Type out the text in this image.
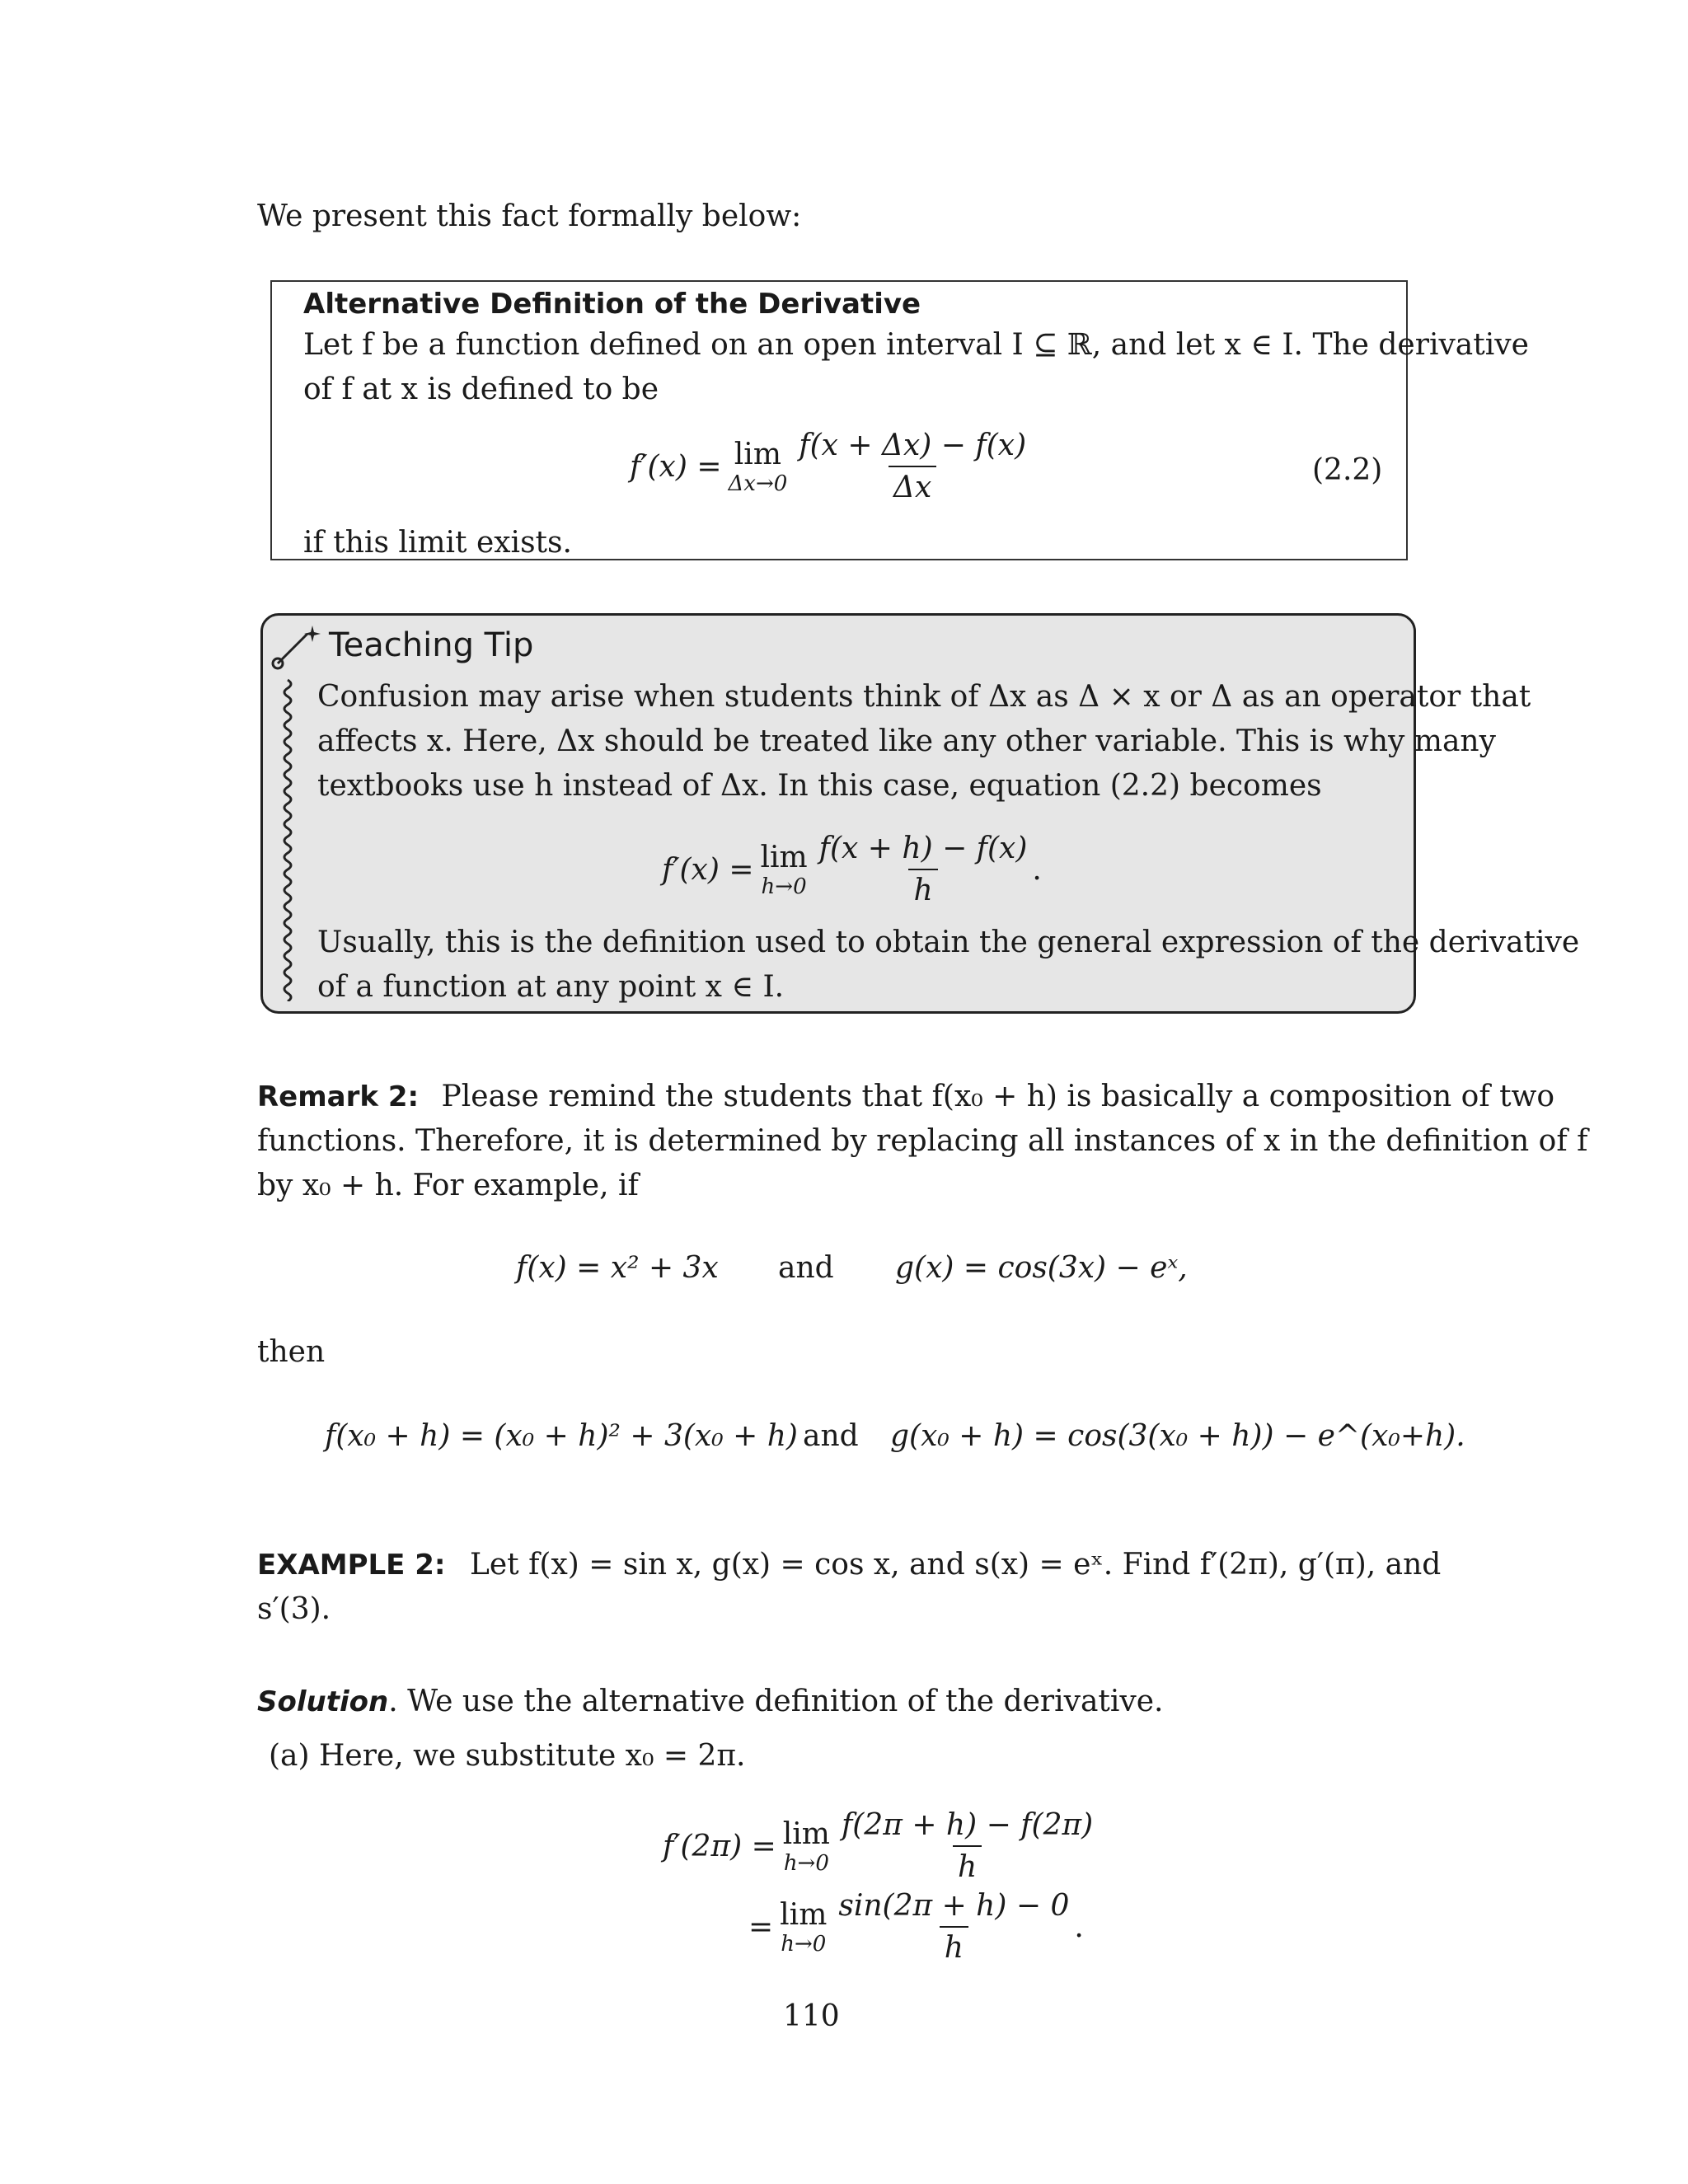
We present this fact formally below:
Alternative Definition of the Derivative
Let f be a function defined on an open interval I ⊆ ℝ, and let x ∈ I. The derivative
of f at x is defined to be
f′(x) = lim
$\Delta x\to 0 \frac{f(x + \Delta x) - f(x)}{\Delta x}$	(2.2)
if this limit exists.
Teaching Tip
Confusion may arise when students think of Δx as Δ × x or Δ as an operator that
affects x. Here, Δx should be treated like any other variable. This is why many
textbooks use h instead of Δx. In this case, equation (2.2) becomes
f′(x) = lim
$h\to 0 \frac{f(x + h) - f(x)}{h}$ .
Usually, this is the definition used to obtain the general expression of the derivative
of a function at any point x ∈ I.
Remark 2: Please remind the students that f(x₀ + h) is basically a composition of two
functions. Therefore, it is determined by replacing all instances of x in the definition of f
by x₀ + h. For example, if
f(x) = x² + 3x and g(x) = cos(3x) − eˣ,
then
f(x₀ + h) = (x₀ + h)² + 3(x₀ + h) and g(x₀ + h) = cos(3(x₀ + h)) − e^(x₀+h).
EXAMPLE 2: Let f(x) = sin x, g(x) = cos x, and s(x) = eˣ. Find f′(2π), g′(π), and
s′(3).
Solution. We use the alternative definition of the derivative.
(a) Here, we substitute x₀ = 2π.
f′(2π) = lim
$h\to 0 \frac{f(2\pi + h) - f(2\pi)}{h}$
= lim
$h\to 0 \frac{\sin(2\pi + h) - 0}{h}$ .
110
